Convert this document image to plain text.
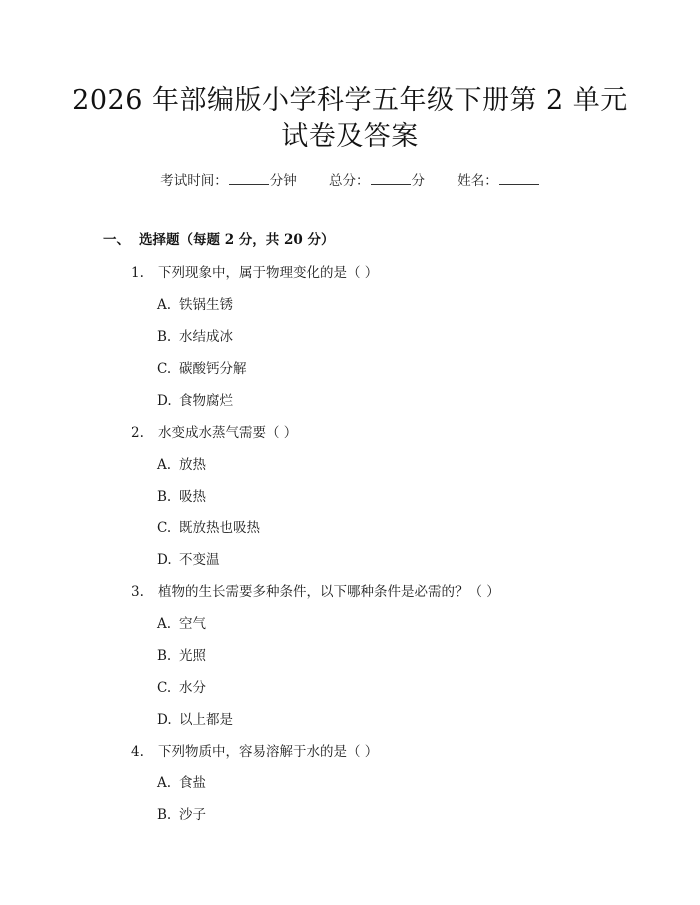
2026 年部编版小学科学五年级下册第 2 单元
试卷及答案
考试时间：	分钟 总分：	分 姓名：
一、 选择题（每题 2 分，共 20 分）
1. 下列现象中，属于物理变化的是（ ）
A. 铁锅生锈
B. 水结成冰
C. 碳酸钙分解
D. 食物腐烂
2. 水变成水蒸气需要（ ）
A. 放热
B. 吸热
C. 既放热也吸热
D. 不变温
3. 植物的生长需要多种条件，以下哪种条件是必需的？（ ）
A. 空气
B. 光照
C. 水分
D. 以上都是
4. 下列物质中，容易溶解于水的是（ ）
A. 食盐
B. 沙子
